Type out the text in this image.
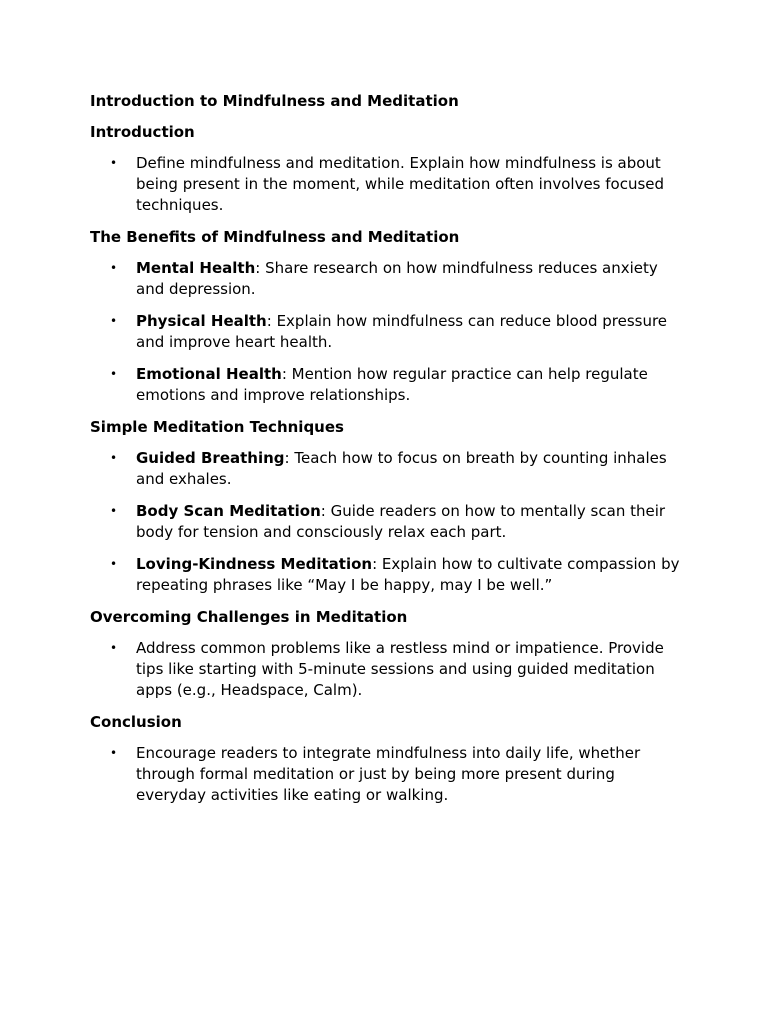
Introduction to Mindfulness and Meditation
Introduction
• Define mindfulness and meditation. Explain how mindfulness is about being present in the moment, while meditation often involves focused techniques.
The Benefits of Mindfulness and Meditation
• Mental Health: Share research on how mindfulness reduces anxiety and depression.
• Physical Health: Explain how mindfulness can reduce blood pressure and improve heart health.
• Emotional Health: Mention how regular practice can help regulate emotions and improve relationships.
Simple Meditation Techniques
• Guided Breathing: Teach how to focus on breath by counting inhales and exhales.
• Body Scan Meditation: Guide readers on how to mentally scan their body for tension and consciously relax each part.
• Loving-Kindness Meditation: Explain how to cultivate compassion by repeating phrases like “May I be happy, may I be well.”
Overcoming Challenges in Meditation
• Address common problems like a restless mind or impatience. Provide tips like starting with 5-minute sessions and using guided meditation apps (e.g., Headspace, Calm).
Conclusion
• Encourage readers to integrate mindfulness into daily life, whether through formal meditation or just by being more present during everyday activities like eating or walking.
